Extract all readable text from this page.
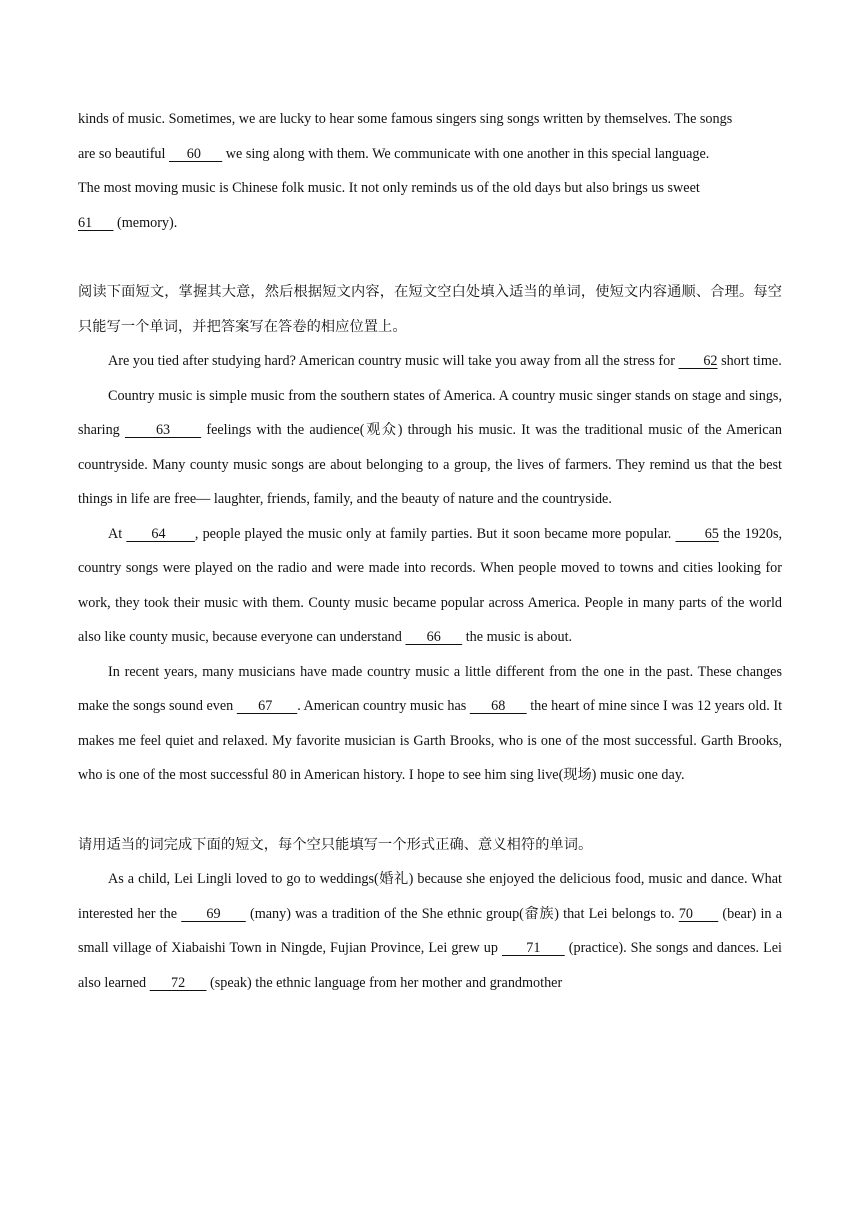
kinds of music. Sometimes, we are lucky to hear some famous singers sing songs written by themselves. The songs

are so beautiful      60       we sing along with them. We communicate with one another in this special language.

The most moving music is Chinese folk music. It not only reminds us of the old days but also brings us sweet

61       (memory).

阅读下面短文，掌握其大意，然后根据短文内容，在短文空白处填入适当的单词，使短文内容通顺、合理。每空只能写一个单词，并把答案写在答卷的相应位置上。

Are you tied after studying hard? American country music will take you away from all the stress for        62 short time.

Country music is simple music from the southern states of America. A country music singer stands on stage and sings, sharing       63       feelings with the audience(观众) through his music. It was the traditional music of the American countryside. Many county music songs are about belonging to a group, the lives of farmers. They remind us that the best things in life are free— laughter, friends, family, and the beauty of nature and the countryside.

At       64       , people played the music only at family parties. But it soon became more popular.        65 the 1920s, country songs were played on the radio and were made into records. When people moved to towns and cities looking for work, they took their music with them. County music became popular across America. People in many parts of the world also like county music, because everyone can understand       66       the music is about.

In recent years, many musicians have made country music a little different from the one in the past. These changes make the songs sound even       67       . American country music has       68       the heart of mine since I was 12 years old. It makes me feel quiet and relaxed. My favorite musician is Garth Brooks, who is one of the most successful. Garth Brooks, who is one of the most successful 80 in American history. I hope to see him sing live(现场) music one day.

请用适当的词完成下面的短文，每个空只能填写一个形式正确、意义相符的单词。

As a child, Lei Lingli loved to go to weddings(婚礼) because she enjoyed the delicious food, music and dance. What interested her the       69       (many) was a tradition of the She ethnic group(畲族) that Lei belongs to. 70       (bear) in a small village of Xiabaishi Town in Ningde, Fujian Province, Lei grew up       71       (practice). She songs and dances. Lei also learned       72       (speak) the ethnic language from her mother and grandmother
